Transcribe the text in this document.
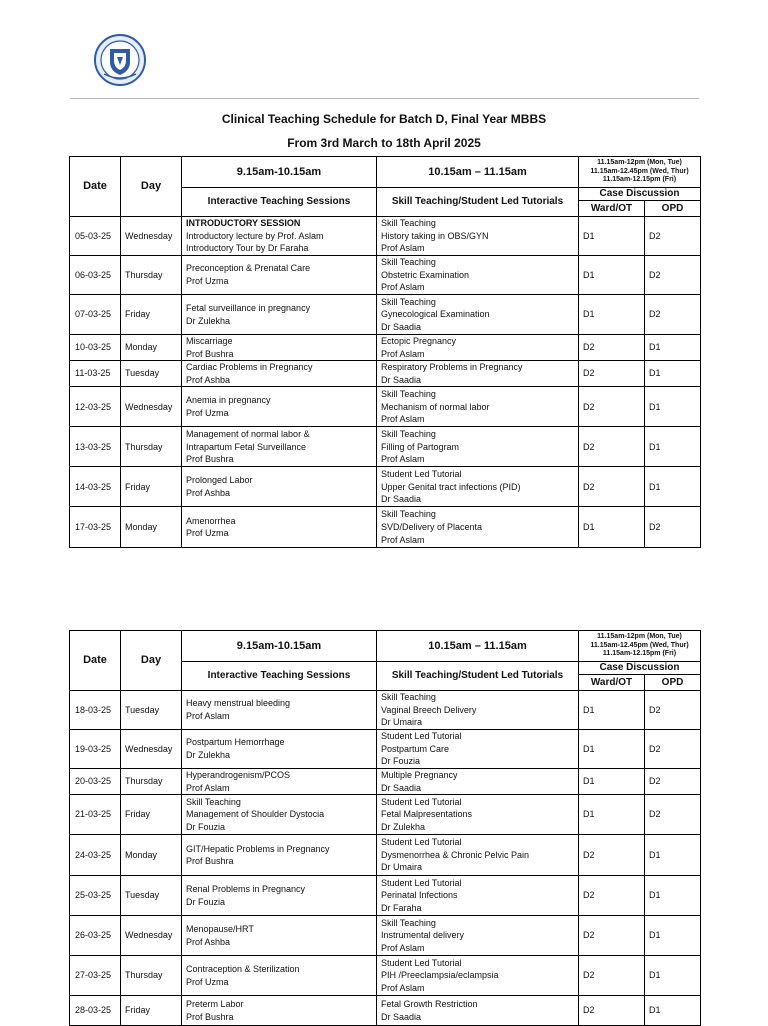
Clinical Teaching Schedule for Batch D, Final Year MBBS
From 3rd March to 18th April 2025
Date	Day	9.15am-10.15am	10.15am – 11.15am	11.15am-12pm (Mon, Tue)
11.15am-12.45pm (Wed, Thur)
11.15am-12.15pm (Fri)	

		Interactive Teaching Sessions	Skill Teaching/Student Led Tutorials	Case Discussion	
				Ward/OT	OPD
05-03-25	Wednesday	INTRODUCTORY SESSION
Introductory lecture by Prof. Aslam
Introductory Tour by Dr Faraha	Skill Teaching
History taking in OBS/GYN
Prof Aslam	D1	D2
06-03-25	Thursday	Preconception & Prenatal Care
Prof Uzma	Skill Teaching
Obstetric Examination
Prof Aslam	D1	D2
07-03-25	Friday	Fetal surveillance in pregnancy
Dr Zulekha	Skill Teaching
Gynecological Examination
Dr Saadia	D1	D2
10-03-25	Monday	Miscarriage
Prof Bushra	Ectopic Pregnancy
Prof Aslam	D2	D1
11-03-25	Tuesday	Cardiac Problems in Pregnancy
Prof Ashba	Respiratory Problems in Pregnancy
Dr Saadia	D2	D1
12-03-25	Wednesday	Anemia in pregnancy
Prof Uzma	Skill Teaching
Mechanism of normal labor
Prof Aslam	D2	D1
13-03-25	Thursday	Management of normal labor &
Intrapartum Fetal Surveillance
Prof Bushra	Skill Teaching
Filling of Partogram
Prof Aslam	D2	D1
14-03-25	Friday	Prolonged Labor
Prof Ashba	Student Led Tutorial
Upper Genital tract infections (PID)
Dr Saadia	D2	D1
17-03-25	Monday	Amenorrhea
Prof Uzma	Skill Teaching
SVD/Delivery of Placenta
Prof Aslam	D1	D2
Date	Day	9.15am-10.15am	10.15am – 11.15am	11.15am-12pm (Mon, Tue)
11.15am-12.45pm (Wed, Thur)
11.15am-12.15pm (Fri)	

		Interactive Teaching Sessions	Skill Teaching/Student Led Tutorials	Case Discussion	
				Ward/OT	OPD
18-03-25	Tuesday	Heavy menstrual bleeding
Prof Aslam	Skill Teaching
Vaginal Breech Delivery
Dr Umaira	D1	D2
19-03-25	Wednesday	Postpartum Hemorrhage
Dr Zulekha	Student Led Tutorial
Postpartum Care
Dr Fouzia	D1	D2
20-03-25	Thursday	Hyperandrogenism/PCOS
Prof Aslam	Multiple Pregnancy
Dr Saadia	D1	D2
21-03-25	Friday	Skill Teaching
Management of Shoulder Dystocia
Dr Fouzia	Student Led Tutorial
Fetal Malpresentations
Dr Zulekha	D1	D2
24-03-25	Monday	GIT/Hepatic Problems in Pregnancy
Prof Bushra	Student Led Tutorial
Dysmenorrhea & Chronic Pelvic Pain
Dr Umaira	D2	D1
25-03-25	Tuesday	Renal Problems in Pregnancy
Dr Fouzia	Student Led Tutorial
Perinatal Infections
Dr Faraha	D2	D1
26-03-25	Wednesday	Menopause/HRT
Prof Ashba	Skill Teaching
Instrumental delivery
Prof Aslam	D2	D1
27-03-25	Thursday	Contraception & Sterilization
Prof Uzma	Student Led Tutorial
PIH /Preeclampsia/eclampsia
Prof Aslam	D2	D1
28-03-25	Friday	Preterm Labor
Prof Bushra	Fetal Growth Restriction
Dr Saadia	D2	D1
